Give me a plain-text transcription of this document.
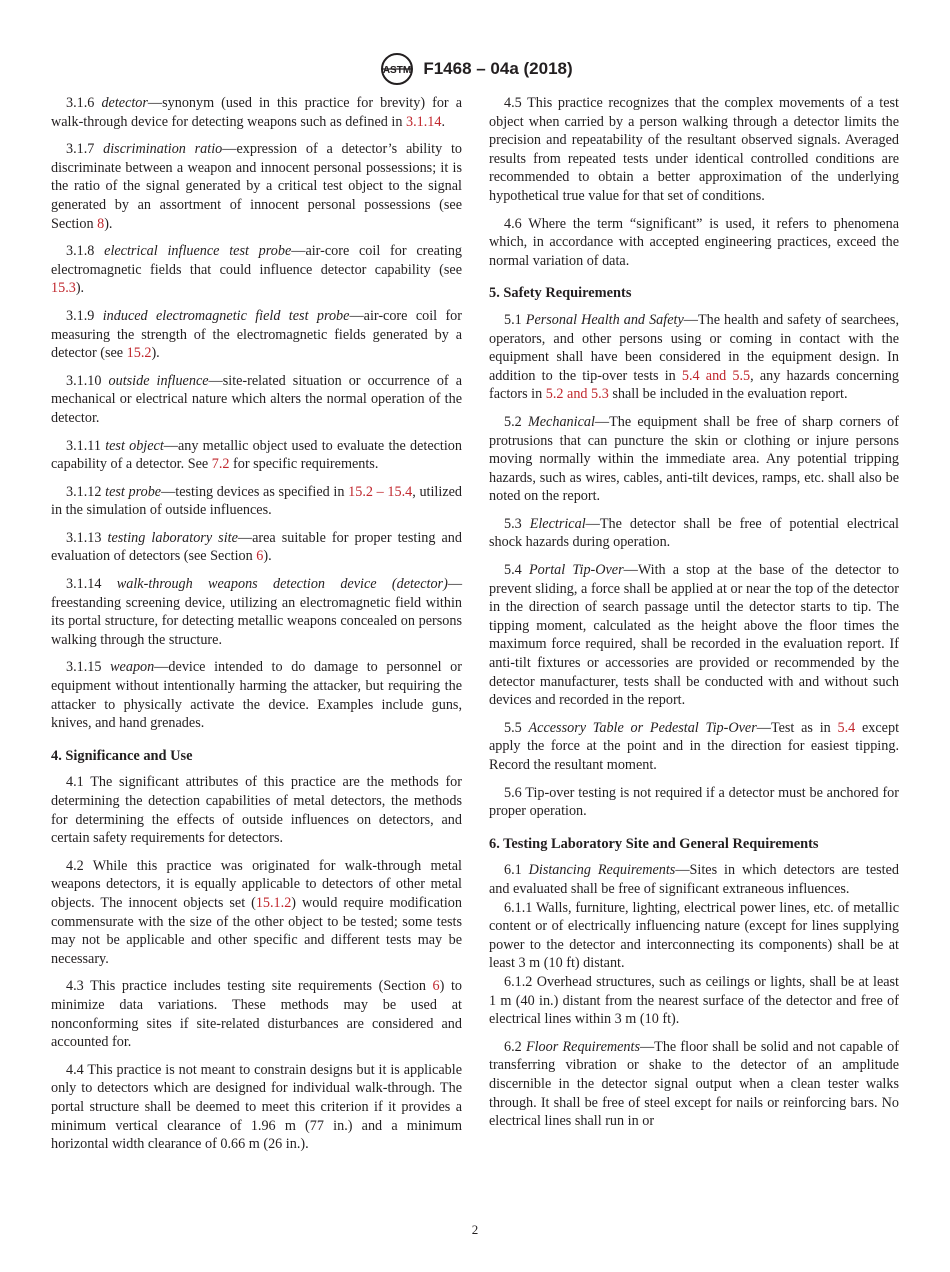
ASTM F1468 – 04a (2018)

3.1.6 detector—synonym (used in this practice for brevity) for a walk-through device for detecting weapons such as defined in 3.1.14.

3.1.7 discrimination ratio—expression of a detector’s ability to discriminate between a weapon and innocent personal possessions; it is the ratio of the signal generated by a critical test object to the signal generated by an assortment of innocent personal possessions (see Section 8).

3.1.8 electrical influence test probe—air-core coil for creating electromagnetic fields that could influence detector capability (see 15.3).

3.1.9 induced electromagnetic field test probe—air-core coil for measuring the strength of the electromagnetic fields generated by a detector (see 15.2).

3.1.10 outside influence—site-related situation or occurrence of a mechanical or electrical nature which alters the normal operation of the detector.

3.1.11 test object—any metallic object used to evaluate the detection capability of a detector. See 7.2 for specific requirements.

3.1.12 test probe—testing devices as specified in 15.2 – 15.4, utilized in the simulation of outside influences.

3.1.13 testing laboratory site—area suitable for proper testing and evaluation of detectors (see Section 6).

3.1.14 walk-through weapons detection device (detector)—freestanding screening device, utilizing an electromagnetic field within its portal structure, for detecting metallic weapons concealed on persons walking through the structure.

3.1.15 weapon—device intended to do damage to personnel or equipment without intentionally harming the attacker, but requiring the attacker to physically activate the device. Examples include guns, knives, and hand grenades.

4. Significance and Use

4.1 The significant attributes of this practice are the methods for determining the detection capabilities of metal detectors, the methods for determining the effects of outside influences on detectors, and certain safety requirements for detectors.

4.2 While this practice was originated for walk-through metal weapons detectors, it is equally applicable to detectors of other metal objects. The innocent objects set (15.1.2) would require modification commensurate with the size of the other object to be tested; some tests may not be applicable and other specific and different tests may be necessary.

4.3 This practice includes testing site requirements (Section 6) to minimize data variations. These methods may be used at nonconforming sites if site-related disturbances are considered and accounted for.

4.4 This practice is not meant to constrain designs but it is applicable only to detectors which are designed for individual walk-through. The portal structure shall be deemed to meet this criterion if it provides a minimum vertical clearance of 1.96 m (77 in.) and a minimum horizontal width clearance of 0.66 m (26 in.).

4.5 This practice recognizes that the complex movements of a test object when carried by a person walking through a detector limits the precision and repeatability of the resultant observed signals. Averaged results from repeated tests under identical controlled conditions are recommended to obtain a better approximation of the underlying hypothetical true value for that set of conditions.

4.6 Where the term “significant” is used, it refers to phenomena which, in accordance with accepted engineering practices, exceed the normal variation of data.

5. Safety Requirements

5.1 Personal Health and Safety—The health and safety of searchees, operators, and other persons using or coming in contact with the equipment shall have been considered in the equipment design. In addition to the tip-over tests in 5.4 and 5.5, any hazards concerning factors in 5.2 and 5.3 shall be included in the evaluation report.

5.2 Mechanical—The equipment shall be free of sharp corners of protrusions that can puncture the skin or clothing or injure persons moving normally within the immediate area. Any potential tripping hazards, such as wires, cables, anti-tilt devices, ramps, etc. shall also be noted on the report.

5.3 Electrical—The detector shall be free of potential electrical shock hazards during operation.

5.4 Portal Tip-Over—With a stop at the base of the detector to prevent sliding, a force shall be applied at or near the top of the detector in the direction of search passage until the detector starts to tip. The tipping moment, calculated as the height above the floor times the maximum force required, shall be recorded in the evaluation report. If anti-tilt fixtures or accessories are provided or recommended by the detector manufacturer, tests shall be conducted with and without such devices and recorded in the report.

5.5 Accessory Table or Pedestal Tip-Over—Test as in 5.4 except apply the force at the point and in the direction for easiest tipping. Record the resultant moment.

5.6 Tip-over testing is not required if a detector must be anchored for proper operation.

6. Testing Laboratory Site and General Requirements

6.1 Distancing Requirements—Sites in which detectors are tested and evaluated shall be free of significant extraneous influences.

6.1.1 Walls, furniture, lighting, electrical power lines, etc. of metallic content or of electrically influencing nature (except for lines supplying power to the detector and interconnecting its components) shall be at least 3 m (10 ft) distant.

6.1.2 Overhead structures, such as ceilings or lights, shall be at least 1 m (40 in.) distant from the nearest surface of the detector and free of electrical lines within 3 m (10 ft).

6.2 Floor Requirements—The floor shall be solid and not capable of transferring vibration or shake to the detector of an amplitude discernible in the detector signal output when a clean tester walks through. It shall be free of steel except for nails or reinforcing bars. No electrical lines shall run in or

2
